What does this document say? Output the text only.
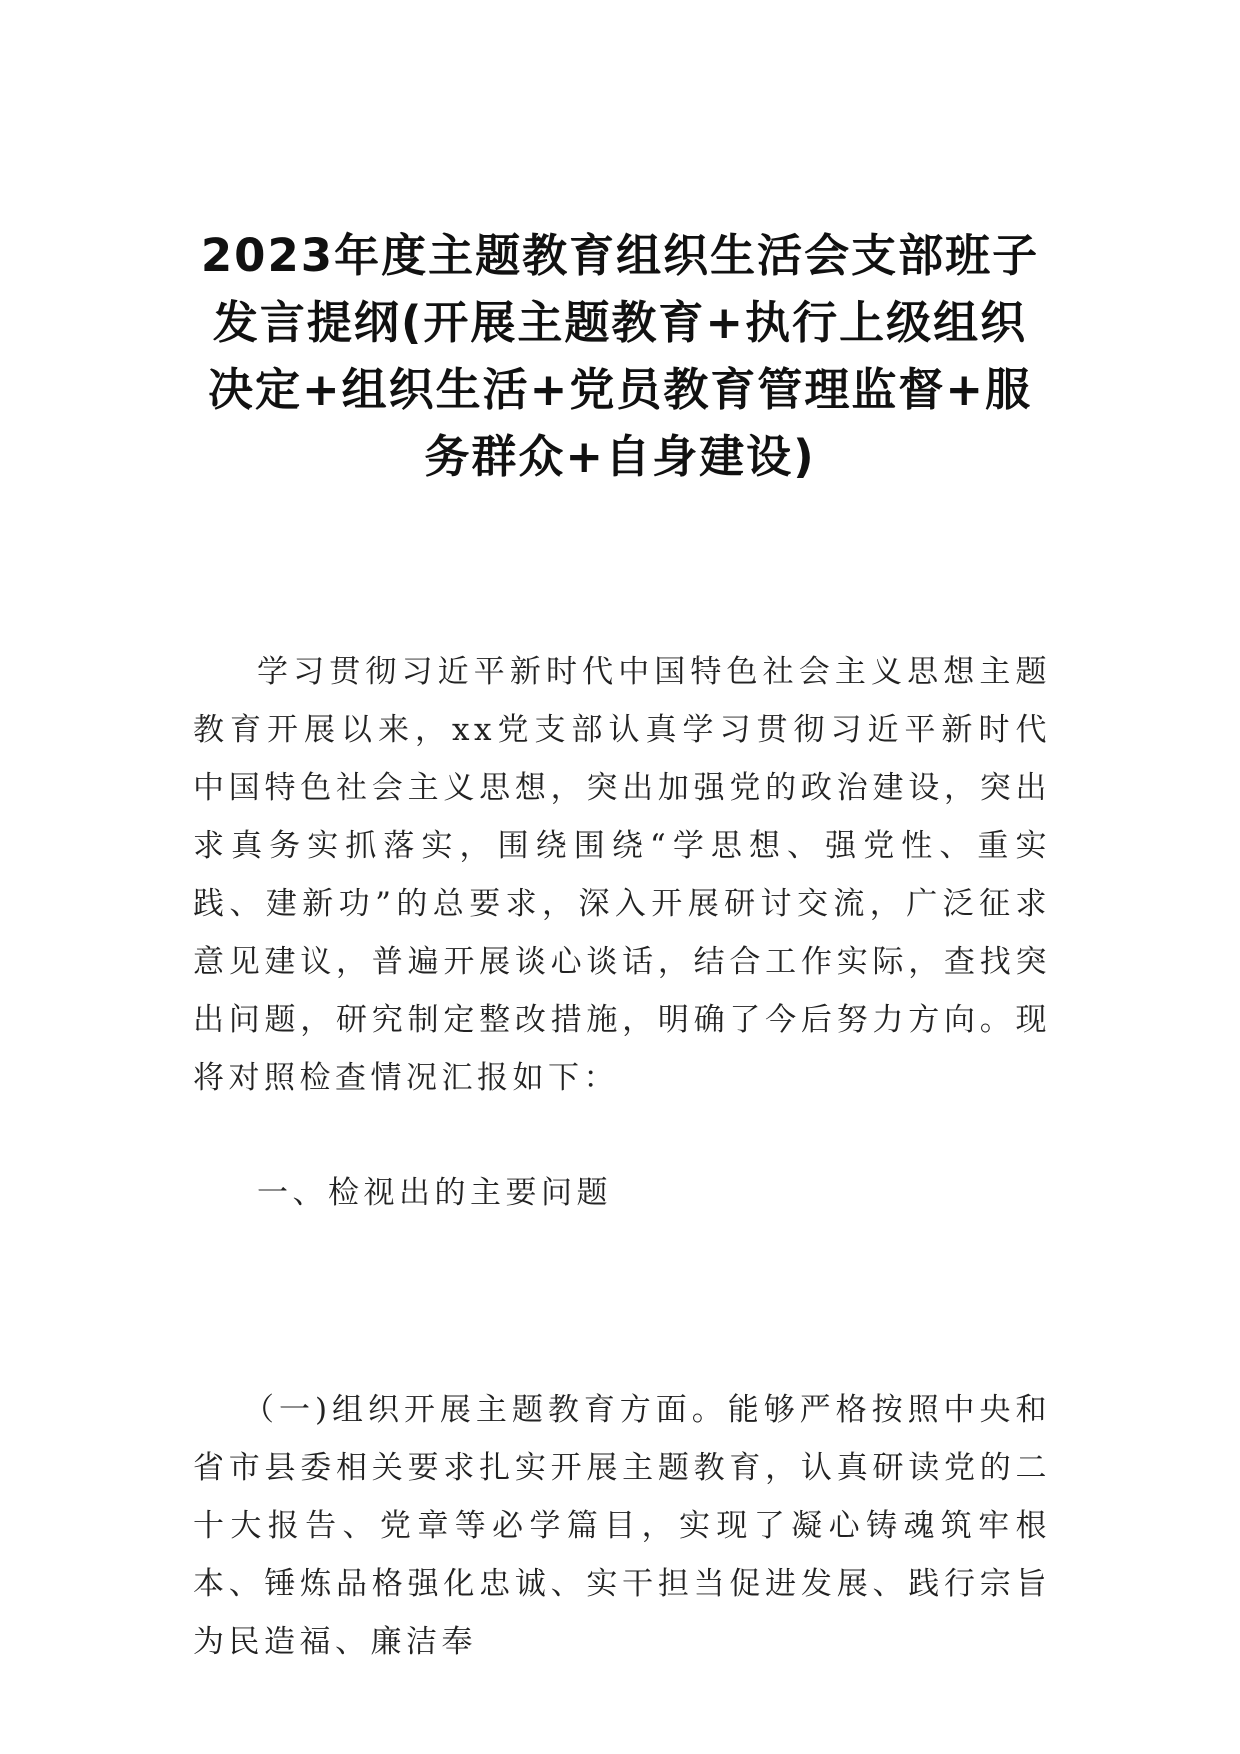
2023年度主题教育组织生活会支部班子发言提纲(开展主题教育+执行上级组织决定+组织生活+党员教育管理监督+服务群众+自身建设)

学习贯彻习近平新时代中国特色社会主义思想主题教育开展以来，xx党支部认真学习贯彻习近平新时代中国特色社会主义思想，突出加强党的政治建设，突出求真务实抓落实，围绕围绕“学思想、强党性、重实践、建新功”的总要求，深入开展研讨交流，广泛征求意见建议，普遍开展谈心谈话，结合工作实际，查找突出问题，研究制定整改措施，明确了今后努力方向。现将对照检查情况汇报如下：

一、检视出的主要问题

（一)组织开展主题教育方面。能够严格按照中央和省市县委相关要求扎实开展主题教育，认真研读党的二十大报告、党章等必学篇目，实现了凝心铸魂筑牢根本、锤炼品格强化忠诚、实干担当促进发展、践行宗旨为民造福、廉洁奉
